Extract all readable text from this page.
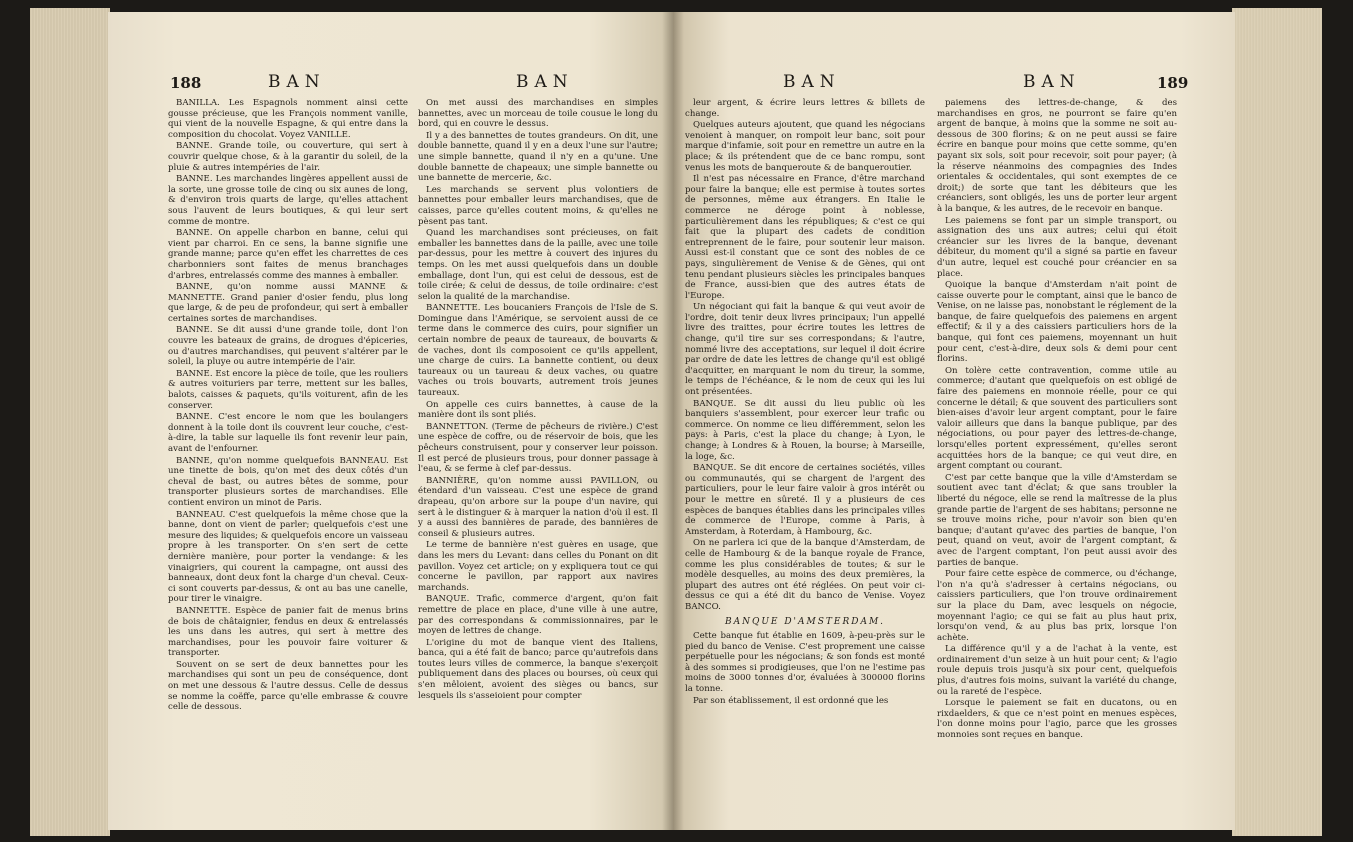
188	BAN	BAN

BANILLA. Les Espagnols nomment ainsi cette gousse précieuse, que les François nomment vanille, qui vient de la nouvelle Espagne, & qui entre dans la composition du chocolat. Voyez VANILLE.

BANNE. Grande toile, ou couverture, qui sert à couvrir quelque chose, & à la garantir du soleil, de la pluie & autres intempéries de l'air.

BANNE. Les marchandes lingères appellent aussi de la sorte, une grosse toile de cinq ou six aunes de long, & d'environ trois quarts de large, qu'elles attachent sous l'auvent de leurs boutiques, & qui leur sert comme de montre.

BANNE. On appelle charbon en banne, celui qui vient par charroi. En ce sens, la banne signifie une grande manne; parce qu'en effet les charrettes de ces charbonniers sont faites de menus branchages d'arbres, entrelassés comme des mannes à emballer.

BANNE, qu'on nomme aussi MANNE & MANNETTE. Grand panier d'osier fendu, plus long que large, & de peu de profondeur, qui sert à emballer certaines sortes de marchandises.

BANNE. Se dit aussi d'une grande toile, dont l'on couvre les bateaux de grains, de drogues d'épiceries, ou d'autres marchandises, qui peuvent s'altérer par le soleil, la pluye ou autre intempérie de l'air.

BANNE. Est encore la pièce de toile, que les rouliers & autres voituriers par terre, mettent sur les balles, balots, caisses & paquets, qu'ils voiturent, afin de les conserver.

BANNE. C'est encore le nom que les boulangers donnent à la toile dont ils couvrent leur couche, c'est-à-dire, la table sur laquelle ils font revenir leur pain, avant de l'enfourner.

BANNE, qu'on nomme quelquefois BANNEAU. Est une tinette de bois, qu'on met des deux côtés d'un cheval de bast, ou autres bêtes de somme, pour transporter plusieurs sortes de marchandises. Elle contient environ un minot de Paris.

BANNEAU. C'est quelquefois la même chose que la banne, dont on vient de parler; quelquefois c'est une mesure des liquides; & quelquefois encore un vaisseau propre à les transporter. On s'en sert de cette dernière manière, pour porter la vendange: & les vinaigriers, qui courent la campagne, ont aussi des banneaux, dont deux font la charge d'un cheval. Ceux-ci sont couverts par-dessus, & ont au bas une canelle, pour tirer le vinaigre.

BANNETTE. Espèce de panier fait de menus brins de bois de châtaignier, fendus en deux & entrelassés les uns dans les autres, qui sert à mettre des marchandises, pour les pouvoir faire voiturer & transporter.

Souvent on se sert de deux bannettes pour les marchandises qui sont un peu de conséquence, dont on met une dessous & l'autre dessus. Celle de dessus se nomme la coëffe, parce qu'elle embrasse & couvre celle de dessous.

On met aussi des marchandises en simples bannettes, avec un morceau de toile cousue le long du bord, qui en couvre le dessus.

Il y a des bannettes de toutes grandeurs. On dit, une double bannette, quand il y en a deux l'une sur l'autre; une simple bannette, quand il n'y en a qu'une. Une double bannette de chapeaux; une simple bannette ou une bannette de mercerie, &c.

Les marchands se servent plus volontiers de bannettes pour emballer leurs marchandises, que de caisses, parce qu'elles coutent moins, & qu'elles ne pèsent pas tant.

Quand les marchandises sont précieuses, on fait emballer les bannettes dans de la paille, avec une toile par-dessus, pour les mettre à couvert des injures du temps. On les met aussi quelquefois dans un double emballage, dont l'un, qui est celui de dessous, est de toile cirée; & celui de dessus, de toile ordinaire: c'est selon la qualité de la marchandise.

BANNETTE. Les boucaniers François de l'Isle de S. Domingue dans l'Amérique, se servoient aussi de ce terme dans le commerce des cuirs, pour signifier un certain nombre de peaux de taureaux, de bouvarts & de vaches, dont ils composoient ce qu'ils appellent, une charge de cuirs. La bannette contient, ou deux taureaux ou un taureau & deux vaches, ou quatre vaches ou trois bouvarts, autrement trois jeunes taureaux.

On appelle ces cuirs bannettes, à cause de la manière dont ils sont pliés.

BANNETTON. (Terme de pêcheurs de rivière.) C'est une espèce de coffre, ou de réservoir de bois, que les pêcheurs construisent, pour y conserver leur poisson. Il est percé de plusieurs trous, pour donner passage à l'eau, & se ferme à clef par-dessus.

BANNIÈRE, qu'on nomme aussi PAVILLON, ou étendard d'un vaisseau. C'est une espèce de grand drapeau, qu'on arbore sur la poupe d'un navire, qui sert à le distinguer & à marquer la nation d'où il est. Il y a aussi des bannières de parade, des bannières de conseil & plusieurs autres.

Le terme de bannière n'est guères en usage, que dans les mers du Levant: dans celles du Ponant on dit pavillon. Voyez cet article; on y expliquera tout ce qui concerne le pavillon, par rapport aux navires marchands.

BANQUE. Trafic, commerce d'argent, qu'on fait remettre de place en place, d'une ville à une autre, par des correspondans & commissionnaires, par le moyen de lettres de change.

L'origine du mot de banque vient des Italiens, banca, qui a été fait de banco; parce qu'autrefois dans toutes leurs villes de commerce, la banque s'exerçoit publiquement dans des places ou bourses, où ceux qui s'en mêloient, avoient des sièges ou bancs, sur lesquels ils s'asseioient pour compter

BAN	BAN	189

leur argent, & écrire leurs lettres & billets de change.

Quelques auteurs ajoutent, que quand les négocians venoient à manquer, on rompoit leur banc, soit pour marque d'infamie, soit pour en remettre un autre en la place; & ils prétendent que de ce banc rompu, sont venus les mots de banqueroute & de banqueroutier.

Il n'est pas nécessaire en France, d'être marchand pour faire la banque; elle est permise à toutes sortes de personnes, même aux étrangers. En Italie le commerce ne déroge point à noblesse, particulièrement dans les républiques; & c'est ce qui fait que la plupart des cadets de condition entreprennent de le faire, pour soutenir leur maison. Aussi est-il constant que ce sont des nobles de ce pays, singulièrement de Venise & de Gènes, qui ont tenu pendant plusieurs siècles les principales banques de France, aussi-bien que des autres états de l'Europe.

Un négociant qui fait la banque & qui veut avoir de l'ordre, doit tenir deux livres principaux; l'un appellé livre des traittes, pour écrire toutes les lettres de change, qu'il tire sur ses correspondans; & l'autre, nommé livre des acceptations, sur lequel il doit écrire par ordre de date les lettres de change qu'il est obligé d'acquitter, en marquant le nom du tireur, la somme, le temps de l'échéance, & le nom de ceux qui les lui ont présentées.

BANQUE. Se dit aussi du lieu public où les banquiers s'assemblent, pour exercer leur trafic ou commerce. On nomme ce lieu différemment, selon les pays: à Paris, c'est la place du change; à Lyon, le change; à Londres & à Rouen, la bourse; à Marseille, la loge, &c.

BANQUE. Se dit encore de certaines sociétés, villes ou communautés, qui se chargent de l'argent des particuliers, pour le leur faire valoir à gros intérêt ou pour le mettre en sûreté. Il y a plusieurs de ces espèces de banques établies dans les principales villes de commerce de l'Europe, comme à Paris, à Amsterdam, à Roterdam, à Hambourg, &c.

On ne parlera ici que de la banque d'Amsterdam, de celle de Hambourg & de la banque royale de France, comme les plus considérables de toutes; & sur le modèle desquelles, au moins des deux premières, la plupart des autres ont été réglées. On peut voir ci-dessus ce qui a été dit du banco de Venise. Voyez BANCO.

BANQUE D'AMSTERDAM.

Cette banque fut établie en 1609, à-peu-près sur le pied du banco de Venise. C'est proprement une caisse perpétuelle pour les négocians; & son fonds est monté à des sommes si prodigieuses, que l'on ne l'estime pas moins de 3000 tonnes d'or, évaluées à 300000 florins la tonne.

Par son établissement, il est ordonné que les

paiemens des lettres-de-change, & des marchandises en gros, ne pourront se faire qu'en argent de banque, à moins que la somme ne soit au-dessous de 300 florins; & on ne peut aussi se faire écrire en banque pour moins que cette somme, qu'en payant six sols, soit pour recevoir, soit pour payer; (à la réserve néanmoins des compagnies des Indes orientales & occidentales, qui sont exemptes de ce droit;) de sorte que tant les débiteurs que les créanciers, sont obligés, les uns de porter leur argent à la banque, & les autres, de le recevoir en banque.

Les paiemens se font par un simple transport, ou assignation des uns aux autres; celui qui étoit créancier sur les livres de la banque, devenant débiteur, du moment qu'il a signé sa partie en faveur d'un autre, lequel est couché pour créancier en sa place.

Quoique la banque d'Amsterdam n'ait point de caisse ouverte pour le comptant, ainsi que le banco de Venise, on ne laisse pas, nonobstant le réglement de la banque, de faire quelquefois des paiemens en argent effectif; & il y a des caissiers particuliers hors de la banque, qui font ces paiemens, moyennant un huit pour cent, c'est-à-dire, deux sols & demi pour cent florins.

On tolère cette contravention, comme utile au commerce; d'autant que quelquefois on est obligé de faire des paiemens en monnoie réelle, pour ce qui concerne le détail; & que souvent des particuliers sont bien-aises d'avoir leur argent comptant, pour le faire valoir ailleurs que dans la banque publique, par des négociations, ou pour payer des lettres-de-change, lorsqu'elles portent expressément, qu'elles seront acquittées hors de la banque; ce qui veut dire, en argent comptant ou courant.

C'est par cette banque que la ville d'Amsterdam se soutient avec tant d'éclat; & que sans troubler la liberté du négoce, elle se rend la maîtresse de la plus grande partie de l'argent de ses habitans; personne ne se trouve moins riche, pour n'avoir son bien qu'en banque; d'autant qu'avec des parties de banque, l'on peut, quand on veut, avoir de l'argent comptant, & avec de l'argent comptant, l'on peut aussi avoir des parties de banque.

Pour faire cette espèce de commerce, ou d'échange, l'on n'a qu'à s'adresser à certains négocians, ou caissiers particuliers, que l'on trouve ordinairement sur la place du Dam, avec lesquels on négocie, moyennant l'agio; ce qui se fait au plus haut prix, lorsqu'on vend, & au plus bas prix, lorsque l'on achète.

La différence qu'il y a de l'achat à la vente, est ordinairement d'un seize à un huit pour cent; & l'agio roule depuis trois jusqu'à six pour cent, quelquefois plus, d'autres fois moins, suivant la variété du change, ou la rareté de l'espèce.

Lorsque le paiement se fait en ducatons, ou en rixdaelders, & que ce n'est point en menues espèces, l'on donne moins pour l'agio, parce que les grosses monnoies sont reçues en banque.
